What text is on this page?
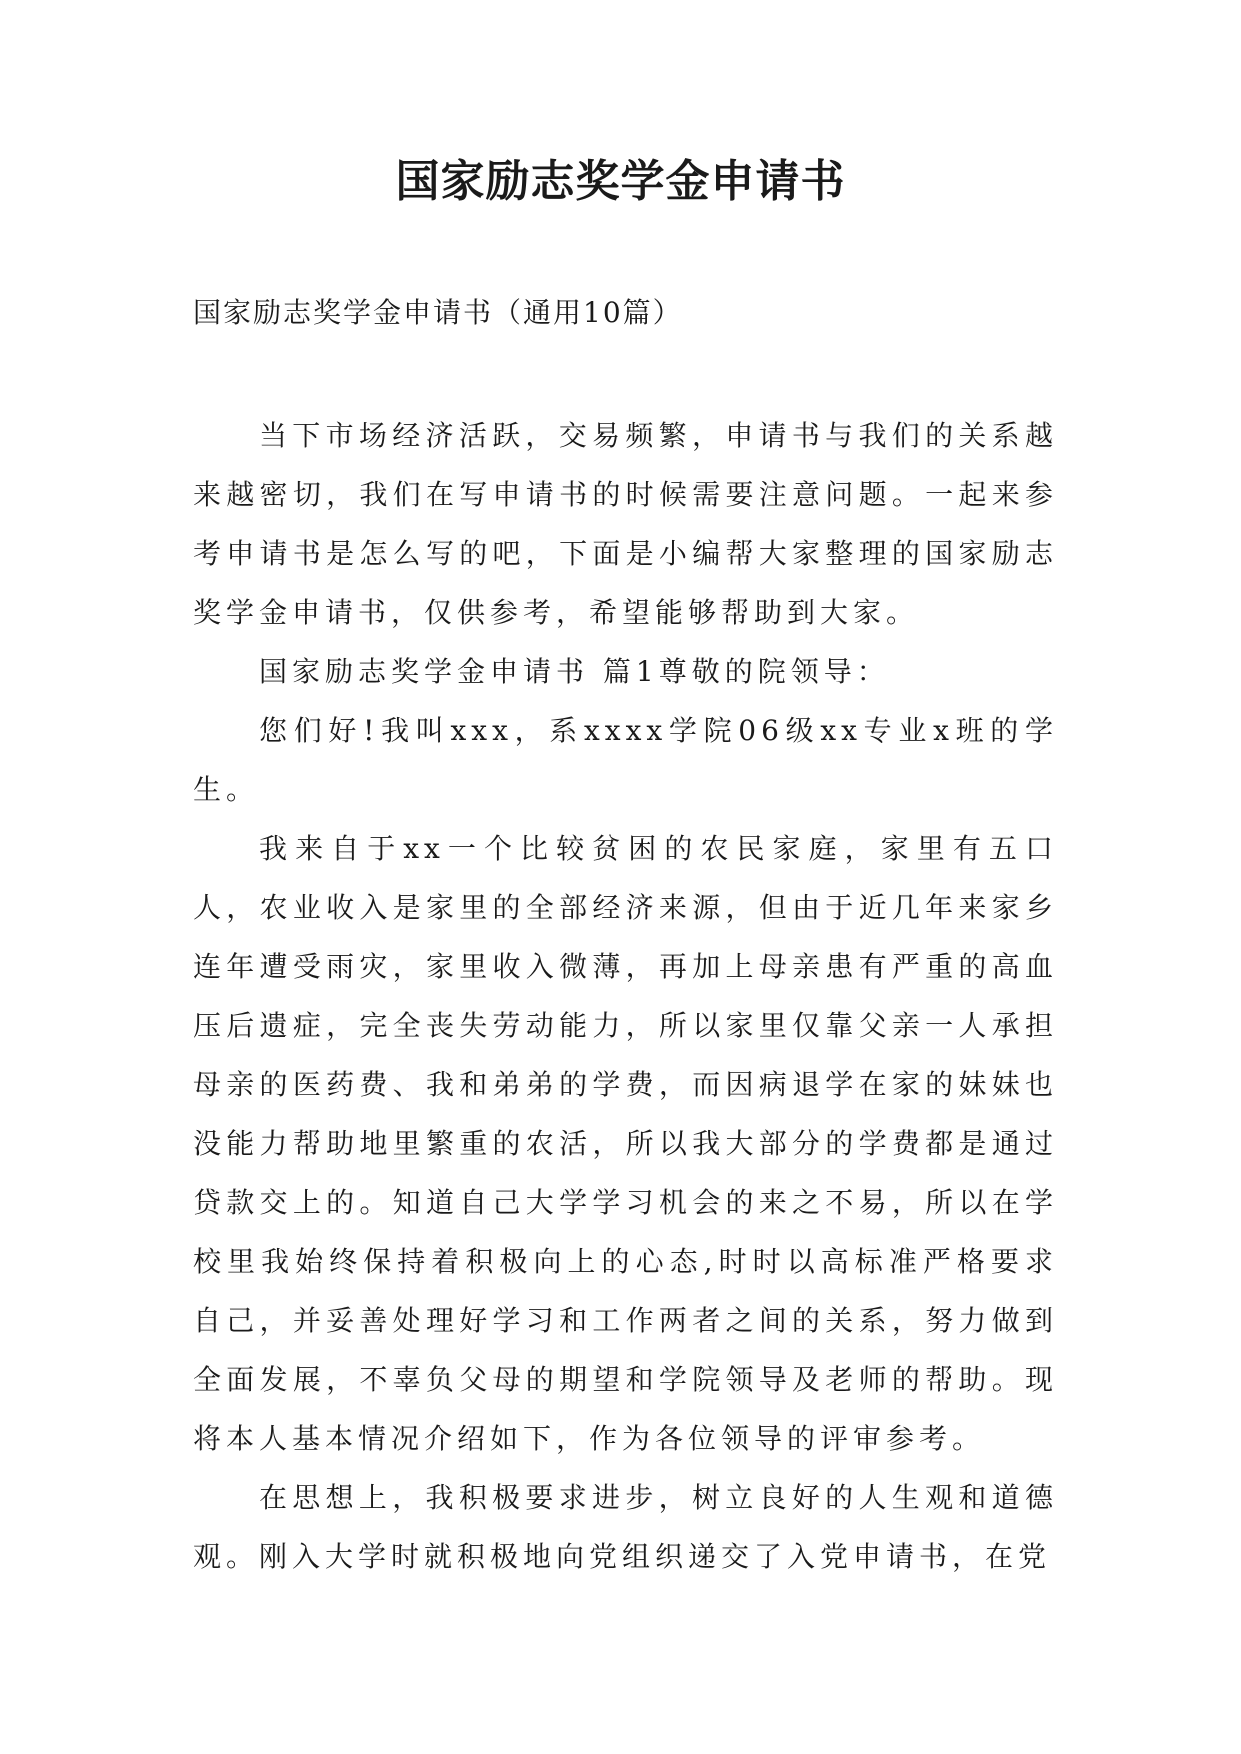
国家励志奖学金申请书

国家励志奖学金申请书（通用10篇）

当下市场经济活跃，交易频繁，申请书与我们的关系越来越密切，我们在写申请书的时候需要注意问题。一起来参考申请书是怎么写的吧，下面是小编帮大家整理的国家励志奖学金申请书，仅供参考，希望能够帮助到大家。

国家励志奖学金申请书 篇1尊敬的院领导：

您们好!我叫xxx，系xxxx学院06级xx专业x班的学生。

我来自于xx一个比较贫困的农民家庭，家里有五口人，农业收入是家里的全部经济来源，但由于近几年来家乡连年遭受雨灾，家里收入微薄，再加上母亲患有严重的高血压后遗症，完全丧失劳动能力，所以家里仅靠父亲一人承担母亲的医药费、我和弟弟的学费，而因病退学在家的妹妹也没能力帮助地里繁重的农活，所以我大部分的学费都是通过贷款交上的。知道自己大学学习机会的来之不易，所以在学校里我始终保持着积极向上的心态,时时以高标准严格要求自己，并妥善处理好学习和工作两者之间的关系，努力做到全面发展，不辜负父母的期望和学院领导及老师的帮助。现将本人基本情况介绍如下，作为各位领导的评审参考。

在思想上，我积极要求进步，树立良好的人生观和道德观。刚入大学时就积极地向党组织递交了入党申请书，在党
